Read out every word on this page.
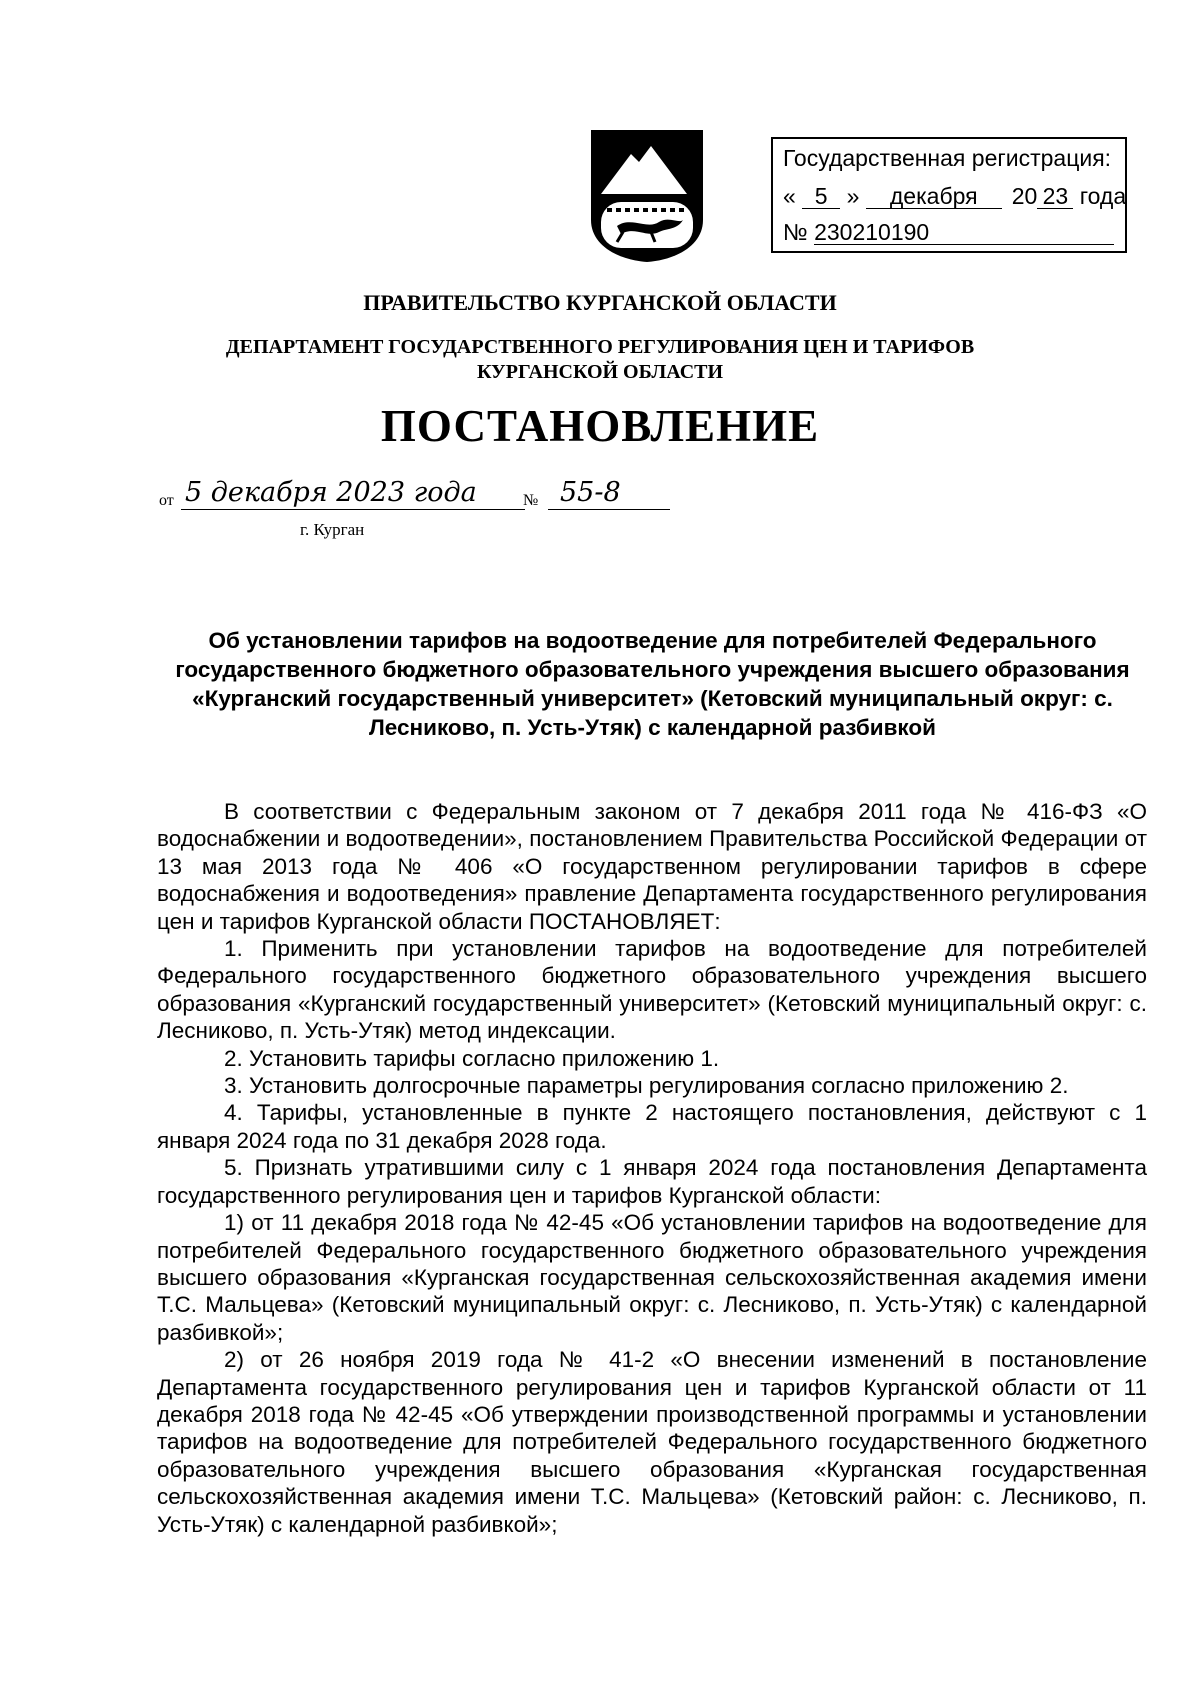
Государственная регистрация:
« 5 » декабря 20 23 года
№ 230210190
ПРАВИТЕЛЬСТВО КУРГАНСКОЙ ОБЛАСТИ
ДЕПАРТАМЕНТ ГОСУДАРСТВЕННОГО РЕГУЛИРОВАНИЯ ЦЕН И ТАРИФОВ
КУРГАНСКОЙ ОБЛАСТИ
ПОСТАНОВЛЕНИЕ
от 5 декабря 2023 года	№ 55-8
г. Курган
Об установлении тарифов на водоотведение для потребителей Федерального государственного бюджетного образовательного учреждения высшего образования «Курганский государственный университет» (Кетовский муниципальный округ: с. Лесниково, п. Усть-Утяк) с календарной разбивкой

В соответствии с Федеральным законом от 7 декабря 2011 года № 416-ФЗ «О водоснабжении и водоотведении», постановлением Правительства Российской Федерации от 13 мая 2013 года № 406 «О государственном регулировании тарифов в сфере водоснабжения и водоотведения» правление Департамента государственного регулирования цен и тарифов Курганской области ПОСТАНОВЛЯЕТ:

1. Применить при установлении тарифов на водоотведение для потребителей Федерального государственного бюджетного образовательного учреждения высшего образования «Курганский государственный университет» (Кетовский муниципальный округ: с. Лесниково, п. Усть-Утяк) метод индексации.

2. Установить тарифы согласно приложению 1.

3. Установить долгосрочные параметры регулирования согласно приложению 2.

4. Тарифы, установленные в пункте 2 настоящего постановления, действуют с 1 января 2024 года по 31 декабря 2028 года.

5. Признать утратившими силу с 1 января 2024 года постановления Департамента государственного регулирования цен и тарифов Курганской области:

1) от 11 декабря 2018 года № 42-45 «Об установлении тарифов на водоотведение для потребителей Федерального государственного бюджетного образовательного учреждения высшего образования «Курганская государственная сельскохозяйственная академия имени Т.С. Мальцева» (Кетовский муниципальный округ: с. Лесниково, п. Усть-Утяк) с календарной разбивкой»;

2) от 26 ноября 2019 года № 41-2 «О внесении изменений в постановление Департамента государственного регулирования цен и тарифов Курганской области от 11 декабря 2018 года № 42-45 «Об утверждении производственной программы и установлении тарифов на водоотведение для потребителей Федерального государственного бюджетного образовательного учреждения высшего образования «Курганская государственная сельскохозяйственная академия имени Т.С. Мальцева» (Кетовский район: с. Лесниково, п. Усть-Утяк) с календарной разбивкой»;
